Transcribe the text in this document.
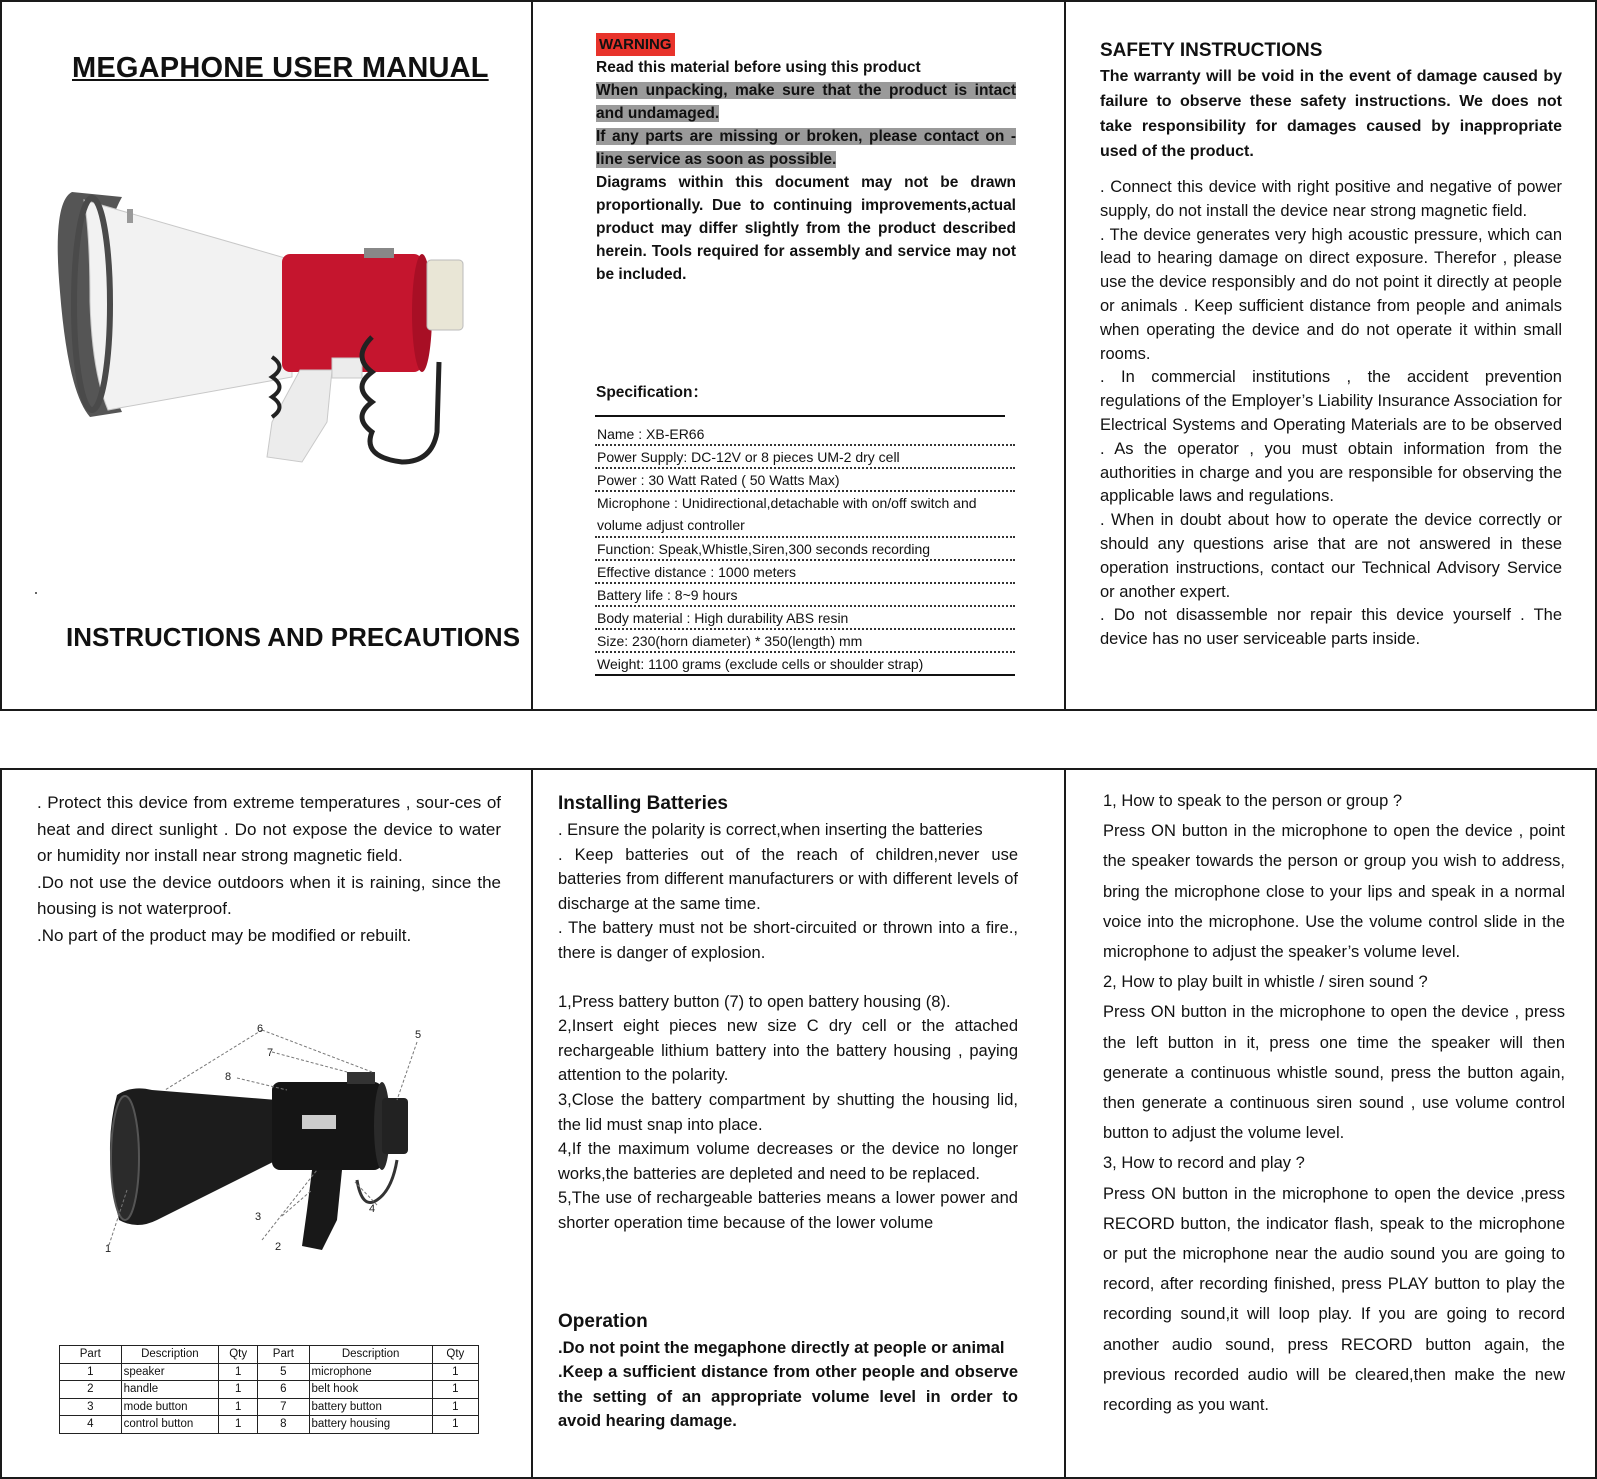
MEGAPHONE USER MANUAL
INSTRUCTIONS AND PRECAUTIONS
WARNING
Read this material before using this product
When unpacking, make sure that the product is intact and undamaged.
If any parts are missing or broken, please contact on -line service as soon as possible.
Diagrams within this document may not be drawn proportionally. Due to continuing improvements,actual product may differ slightly from the product described herein. Tools required for assembly and service may not be included.
Specification：
Name : XB-ER66
Power Supply: DC-12V or 8 pieces UM-2 dry cell
Power : 30 Watt Rated ( 50 Watts Max)
Microphone : Unidirectional,detachable with on/off switch and volume adjust controller
Function: Speak,Whistle,Siren,300 seconds recording
Effective distance : 1000 meters
Battery life : 8~9 hours
Body material : High durability ABS resin
Size: 230(horn diameter) * 350(length) mm
Weight: 1100 grams (exclude cells or shoulder strap)
SAFETY INSTRUCTIONS
The warranty will be void in the event of damage caused by failure to observe these safety instructions. We does not take responsibility for damages caused by inappropriate used of the product.
. Connect this device with right positive and negative of power supply, do not install the device near strong magnetic field.
. The device generates very high acoustic pressure, which can lead to hearing damage on direct exposure. Therefor , please use the device responsibly and do not point it directly at people or animals . Keep sufficient distance from people and animals when operating the device and do not operate it within small rooms.
. In commercial institutions , the accident prevention regulations of the Employer’s Liability Insurance Association for Electrical Systems and Operating Materials are to be observed . As the operator , you must obtain information from the authorities in charge and you are responsible for observing the applicable laws and regulations.
. When in doubt about how to operate the device correctly or should any questions arise that are not answered in these operation instructions, contact our Technical Advisory Service or another expert.
. Do not disassemble nor repair this device yourself . The device has no user serviceable parts inside.
. Protect this device from extreme temperatures , sour-ces of heat and direct sunlight . Do not expose the device to water or humidity nor install near strong magnetic field.
.Do not use the device outdoors when it is raining, since the housing is not waterproof.
.No part of the product may be modified or rebuilt.
1	2
3
4
5
6
7
8
Part	Description	Qty	Part	Description	Qty
1	speaker	1	5	microphone	1
2	handle	1	6	belt hook	1
3	mode button	1	7	battery button	1
4	control button	1	8	battery housing	1
Installing Batteries
. Ensure the polarity is correct,when inserting the batteries
. Keep batteries out of the reach of children,never use batteries from different manufacturers or with different levels of discharge at the same time.
. The battery must not be short-circuited or thrown into a fire., there is danger of explosion.
1,Press battery button (7) to open battery housing (8).
2,Insert eight pieces new size C dry cell or the attached rechargeable lithium battery into the battery housing , paying attention to the polarity.
3,Close the battery compartment by shutting the housing lid, the lid must snap into place.
4,If the maximum volume decreases or the device no longer works,the batteries are depleted and need to be replaced.
5,The use of rechargeable batteries means a lower power and shorter operation time because of the lower volume
Operation
.Do not point the megaphone directly at people or animal
.Keep a sufficient distance from other people and observe the setting of an appropriate volume level in order to avoid hearing damage.
1, How to speak to the person or group ?
Press ON button in the microphone to open the device , point the speaker towards the person or group you wish to address, bring the microphone close to your lips and speak in a normal voice into the microphone. Use the volume control slide in the microphone to adjust the speaker’s volume level.
2, How to play built in whistle / siren sound ?
Press ON button in the microphone to open the device , press the left button in it, press one time the speaker will then generate a continuous whistle sound, press the button again, then generate a continuous siren sound , use volume control button to adjust the volume level.
3, How to record and play ?
Press ON button in the microphone to open the device ,press RECORD button, the indicator flash, speak to the microphone or put the microphone near the audio sound you are going to record, after recording finished, press PLAY button to play the recording sound,it will loop play. If you are going to record another audio sound, press RECORD button again, the previous recorded audio will be cleared,then make the new recording as you want.
